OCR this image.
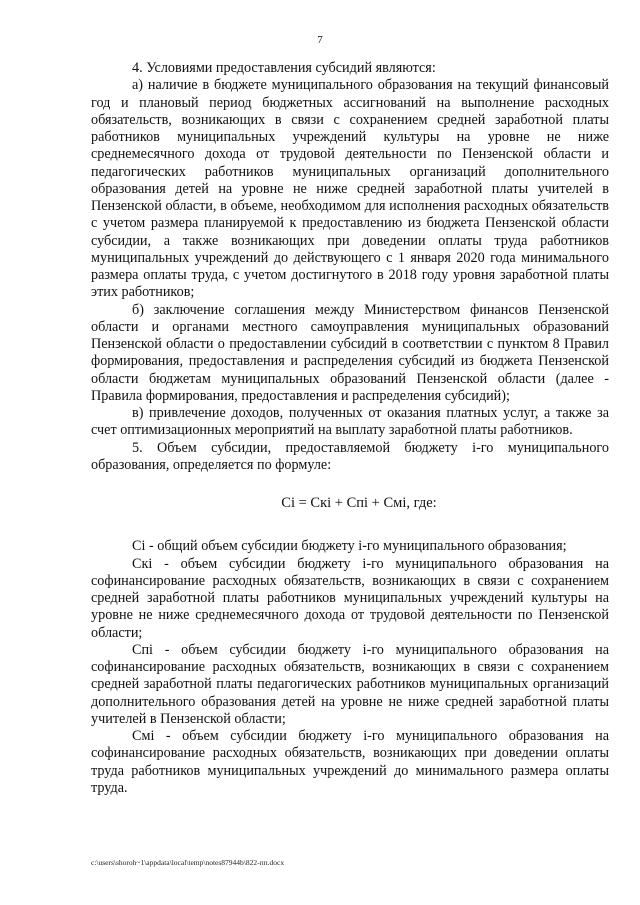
7

4. Условиями предоставления субсидий являются:

а) наличие в бюджете муниципального образования на текущий финансовый год и плановый период бюджетных ассигнований на выполнение расходных обязательств, возникающих в связи с сохранением средней заработной платы работников муниципальных учреждений культуры на уровне не ниже среднемесячного дохода от трудовой деятельности по Пензенской области и педагогических работников муниципальных организаций дополнительного образования детей на уровне не ниже средней заработной платы учителей в Пензенской области, в объеме, необходимом для исполнения расходных обязательств с учетом размера планируемой к предоставлению из бюджета Пензенской области субсидии, а также возникающих при доведении оплаты труда работников муниципальных учреждений до действующего с 1 января 2020 года минимального размера оплаты труда, с учетом достигнутого в 2018 году уровня заработной платы этих работников;

б) заключение соглашения между Министерством финансов Пензенской области и органами местного самоуправления муниципальных образований Пензенской области о предоставлении субсидий в соответствии с пунктом 8 Правил формирования, предоставления и распределения субсидий из бюджета Пензенской области бюджетам муниципальных образований Пензенской области (далее - Правила формирования, предоставления и распределения субсидий);

в) привлечение доходов, полученных от оказания платных услуг, а также за счет оптимизационных мероприятий на выплату заработной платы работников.

5. Объем субсидии, предоставляемой бюджету i-го муниципального образования, определяется по формуле:

Сi = Скi + Спi + Смi, где:

Сi - общий объем субсидии бюджету i-го муниципального образования;

Скi - объем субсидии бюджету i-го муниципального образования на софинансирование расходных обязательств, возникающих в связи с сохранением средней заработной платы работников муниципальных учреждений культуры на уровне не ниже среднемесячного дохода от трудовой деятельности по Пензенской области;

Спi - объем субсидии бюджету i-го муниципального образования на софинансирование расходных обязательств, возникающих в связи с сохранением средней заработной платы педагогических работников муниципальных организаций дополнительного образования детей на уровне не ниже средней заработной платы учителей в Пензенской области;

Смi - объем субсидии бюджету i-го муниципального образования на софинансирование расходных обязательств, возникающих при доведении оплаты труда работников муниципальных учреждений до минимального размера оплаты труда.

c:\users\shoroh~1\appdata\local\temp\notes87944b\822-пп.docx
